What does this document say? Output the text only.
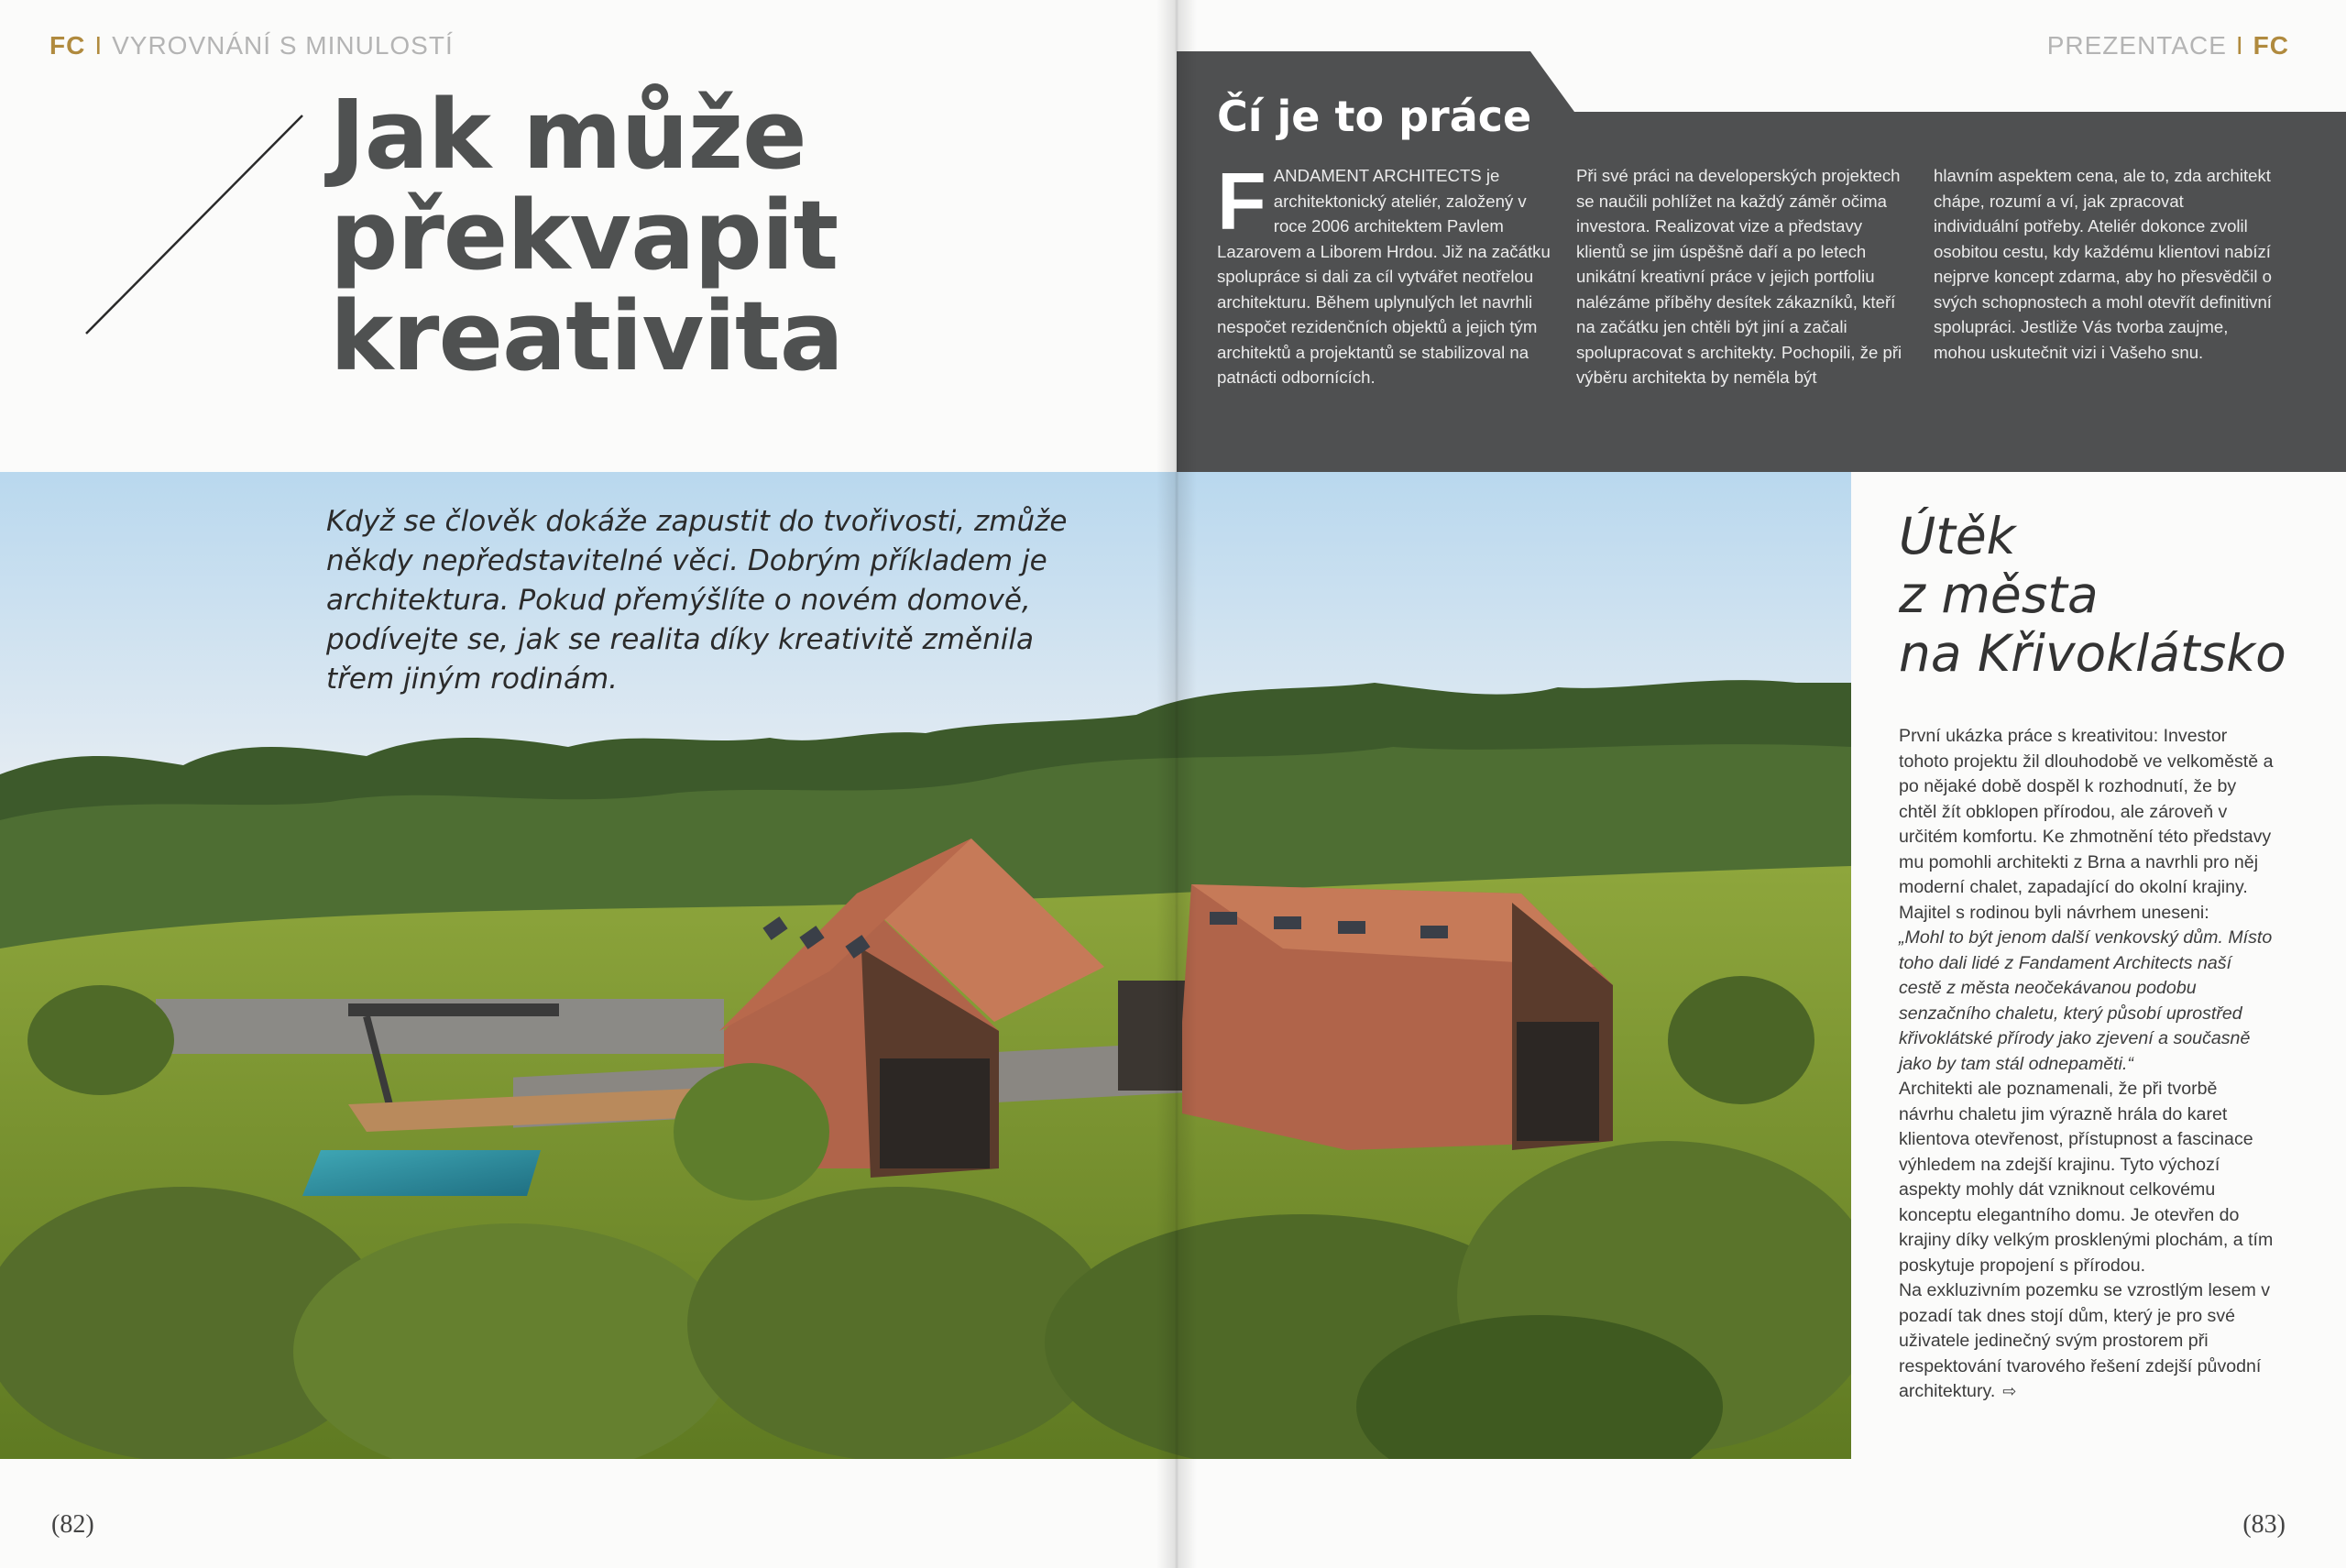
FC I VYROVNÁNÍ S MINULOSTÍ
Jak může
překvapit
kreativita

Když se člověk dokáže zapustit do tvořivosti, zmůže někdy nepředstavitelné věci. Dobrým příkladem je architektura. Pokud přemýšlíte o novém domově, podívejte se, jak se realita díky kreativitě změnila třem jiným rodinám.

PREZENTACE I FC
Čí je to práce
F ANDAMENT ARCHITECTS je architektonický ateliér, založený v roce 2006 architektem Pavlem Lazarovem a Liborem Hrdou. Již na začátku spolupráce si dali za cíl vytvářet neotřelou architekturu. Během uplynulých let navrhli nespočet rezidenčních objektů a jejich tým architektů a projektantů se stabilizoval na patnácti odbornících.

Při své práci na developerských projektech se naučili pohlížet na každý záměr očima investora. Realizovat vize a představy klientů se jim úspěšně daří a po letech unikátní kreativní práce v jejich portfoliu nalézáme příběhy desítek zákazníků, kteří na začátku jen chtěli být jiní a začali spolupracovat s architekty. Pochopili, že při výběru architekta by neměla být

hlavním aspektem cena, ale to, zda architekt chápe, rozumí a ví, jak zpracovat individuální potřeby. Ateliér dokonce zvolil osobitou cestu, kdy každému klientovi nabízí nejprve koncept zdarma, aby ho přesvědčil o svých schopnostech a mohl otevřít definitivní spolupráci. Jestliže Vás tvorba zaujme, mohou uskutečnit vizi i Vašeho snu.

Útěk
z města
na Křivoklátsko

První ukázka práce s kreativitou: Investor tohoto projektu žil dlouhodobě ve velkoměstě a po nějaké době dospěl k rozhodnutí, že by chtěl žít obklopen přírodou, ale zároveň v určitém komfortu. Ke zhmotnění této představy mu pomohli architekti z Brna a navrhli pro něj moderní chalet, zapadající do okolní krajiny.

Majitel s rodinou byli návrhem uneseni:

„Mohl to být jenom další venkovský dům. Místo toho dali lidé z Fandament Architects naší cestě z města neočekávanou podobu senzačního chaletu, který působí uprostřed křivoklátské přírody jako zjevení a současně jako by tam stál odnepaměti.“

Architekti ale poznamenali, že při tvorbě návrhu chaletu jim výrazně hrála do karet klientova otevřenost, přístupnost a fascinace výhledem na zdejší krajinu. Tyto výchozí aspekty mohly dát vzniknout celkovému konceptu elegantního domu. Je otevřen do krajiny díky velkým prosklenými plochám, a tím poskytuje propojení s přírodou.

Na exkluzivním pozemku se vzrostlým lesem v pozadí tak dnes stojí dům, který je pro své uživatele jedinečný svým prostorem při respektování tvarového řešení zdejší původní architektury. ⇨

(82)	(83)
